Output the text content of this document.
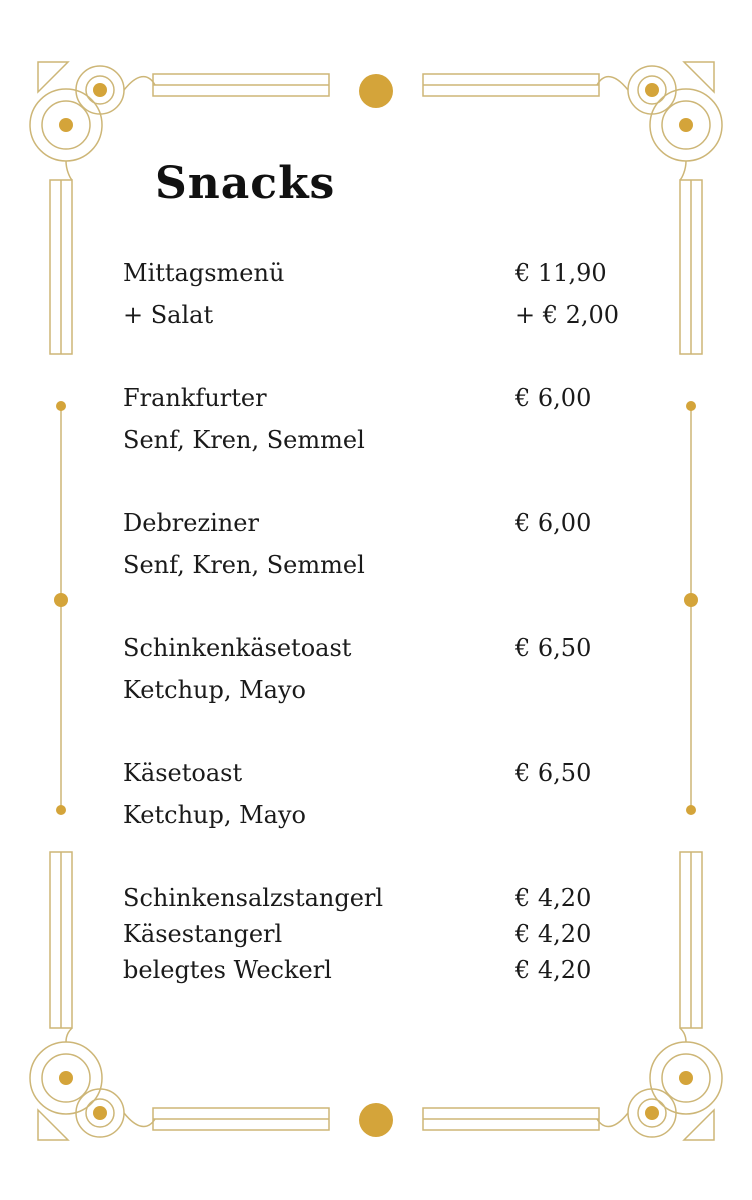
Snacks
Mittagsmenü	€ 11,90
+ Salat	+ € 2,00
Frankfurter	€ 6,00
Senf, Kren, Semmel
Debreziner	€ 6,00
Senf, Kren, Semmel
Schinkenkäsetoast	€ 6,50
Ketchup, Mayo
Käsetoast	€ 6,50
Ketchup, Mayo
Schinkensalzstangerl	€ 4,20
Käsestangerl	€ 4,20
belegtes Weckerl	€ 4,20
